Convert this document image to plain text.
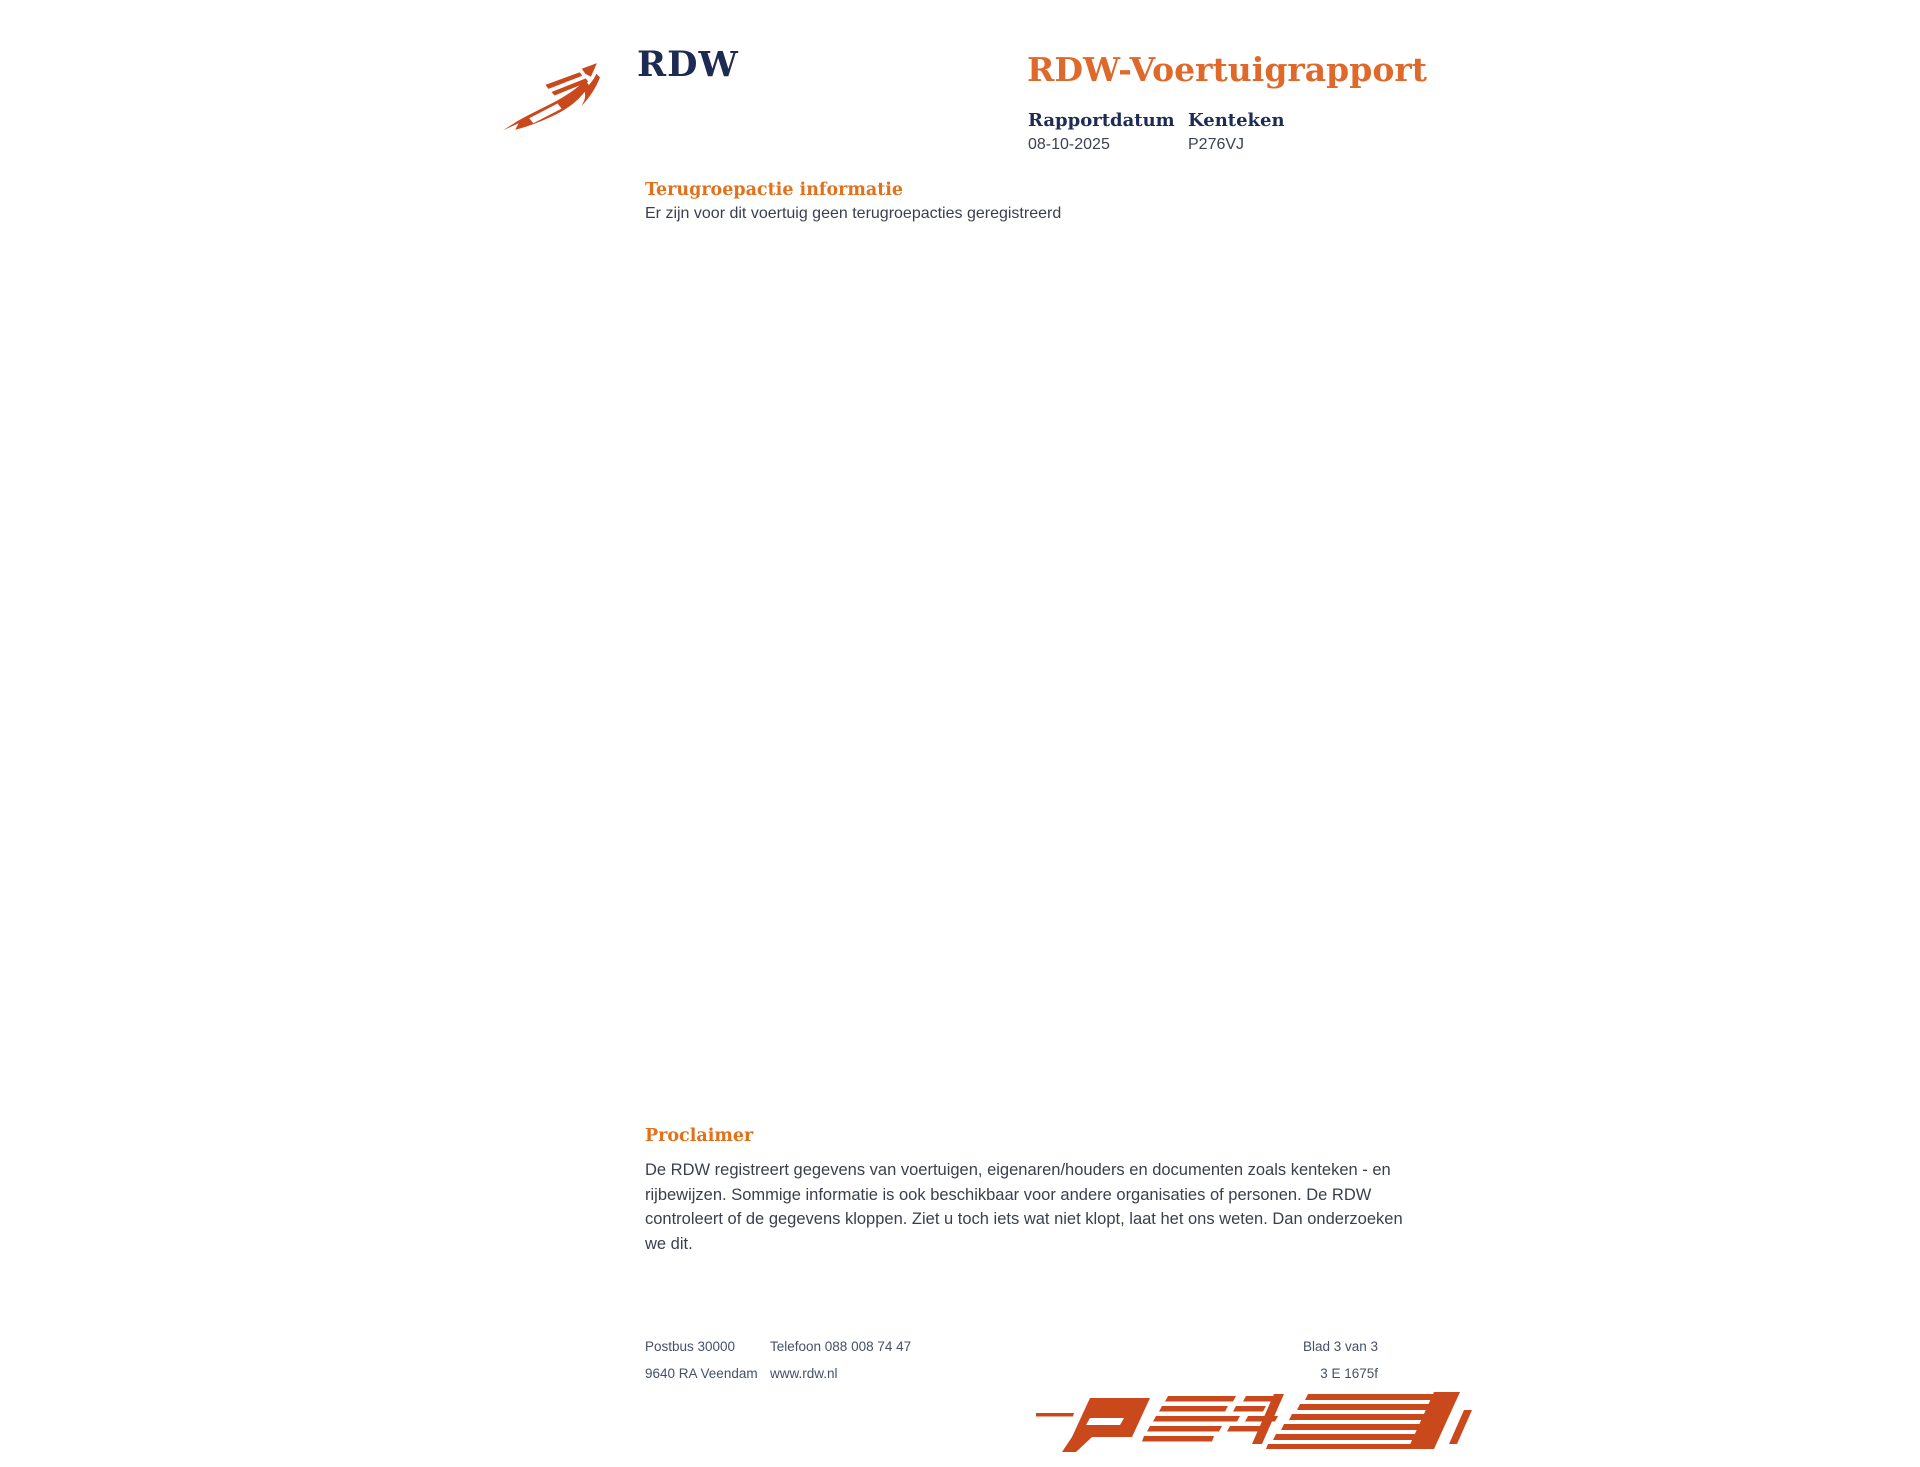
RDW	RDW-Voertuigrapport
Rapportdatum Kenteken
08-10-2025	P276VJ
Terugroepactie informatie
Er zijn voor dit voertuig geen terugroepacties geregistreerd
Proclaimer
De RDW registreert gegevens van voertuigen, eigenaren/houders en documenten zoals kenteken - en
rijbewijzen. Sommige informatie is ook beschikbaar voor andere organisaties of personen. De RDW
controleert of de gegevens kloppen. Ziet u toch iets wat niet klopt, laat het ons weten. Dan onderzoeken
we dit.
Postbus 30000
9640 RA Veendam
Telefoon 088 008 74 47
www.rdw.nl
Blad 3 van 3
3 E 1675f
